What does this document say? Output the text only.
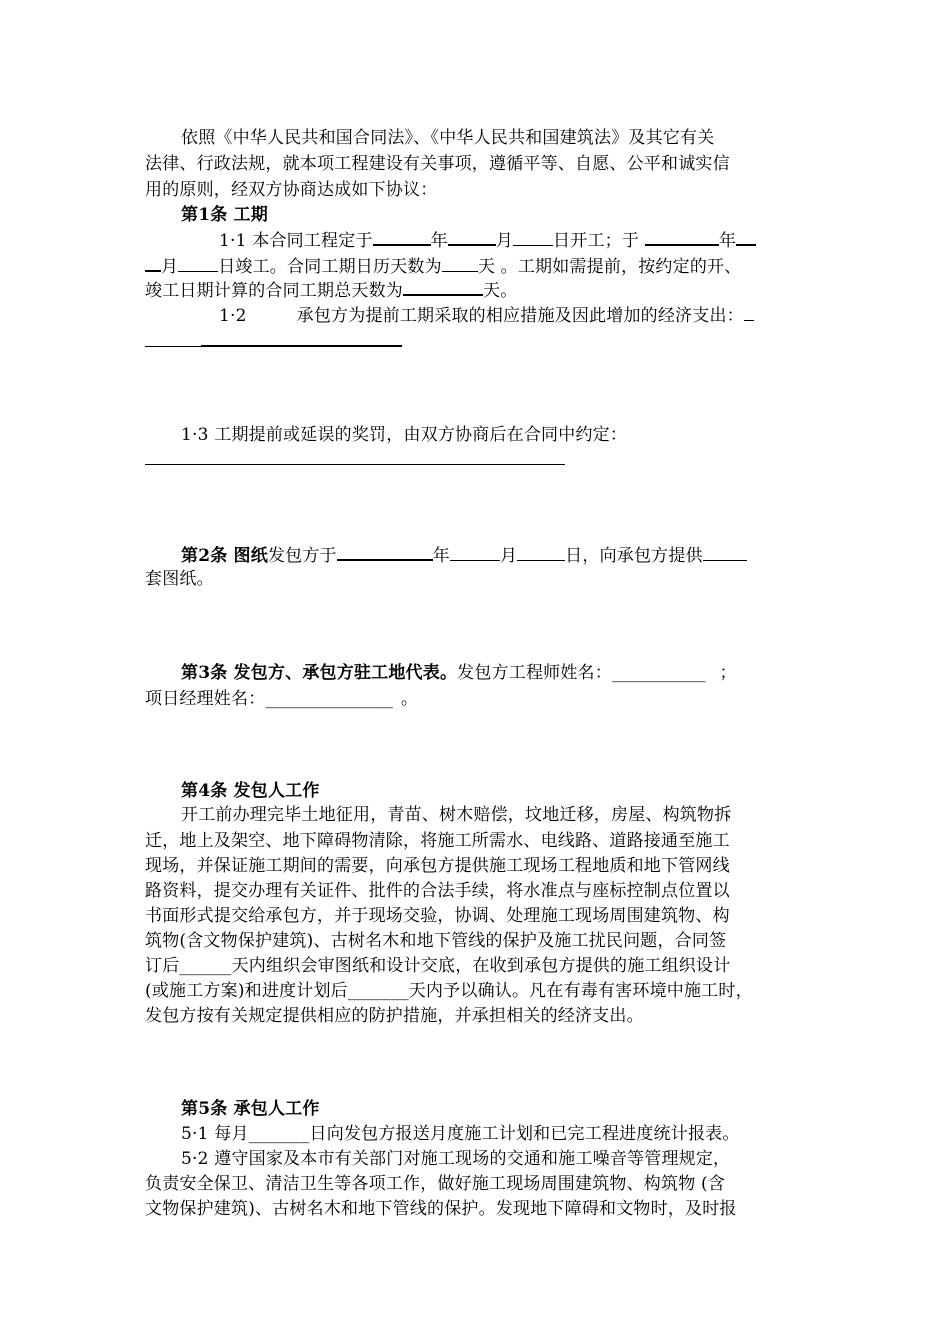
依照《中华人民共和国合同法》、《中华人民共和国建筑法》及其它有关
法律、行政法规，就本项工程建设有关事项，遵循平等、自愿、公平和诚实信
用的原则，经双方协商达成如下协议：
第1条 工期
1·1 本合同工程定于	年	月 日开工；于	年
月 日竣工。合同工期日历天数为 天 。工期如需提前，按约定的开、
竣工日期计算的合同工期总天数为	天。
1·2	承包方为提前工期采取的相应措施及因此增加的经济支出：
1·3 工期提前或延误的奖罚，由双方协商后在合同中约定：
第2条 图纸发包方于	年	月	日，向承包方提供
套图纸。
第3条 发包方、承包方驻工地代表。发包方工程师姓名：___________ ；
项日经理姓名：_______________ 。
第4条 发包人工作
开工前办理完毕土地征用，青苗、树木赔偿，坟地迁移，房屋、构筑物拆
迁，地上及架空、地下障碍物清除，将施工所需水、电线路、道路接通至施工
现场，并保证施工期间的需要，向承包方提供施工现场工程地质和地下管网线
路资料，提交办理有关证件、批件的合法手续，将水准点与座标控制点位置以
书面形式提交给承包方，并于现场交验，协调、处理施工现场周围建筑物、构
筑物(含文物保护建筑)、古树名木和地下管线的保护及施工扰民问题，合同签
订后______天内组织会审图纸和设计交底，在收到承包方提供的施工组织设计
(或施工方案)和进度计划后_______天内予以确认。凡在有毒有害环境中施工时，
发包方按有关规定提供相应的防护措施，并承担相关的经济支出。
第5条 承包人工作
5·1 每月_______日向发包方报送月度施工计划和已完工程进度统计报表。
5·2 遵守国家及本市有关部门对施工现场的交通和施工噪音等管理规定，
负责安全保卫、清洁卫生等各项工作，做好施工现场周围建筑物、构筑物 (含
文物保护建筑)、古树名木和地下管线的保护。发现地下障碍和文物时，及时报
